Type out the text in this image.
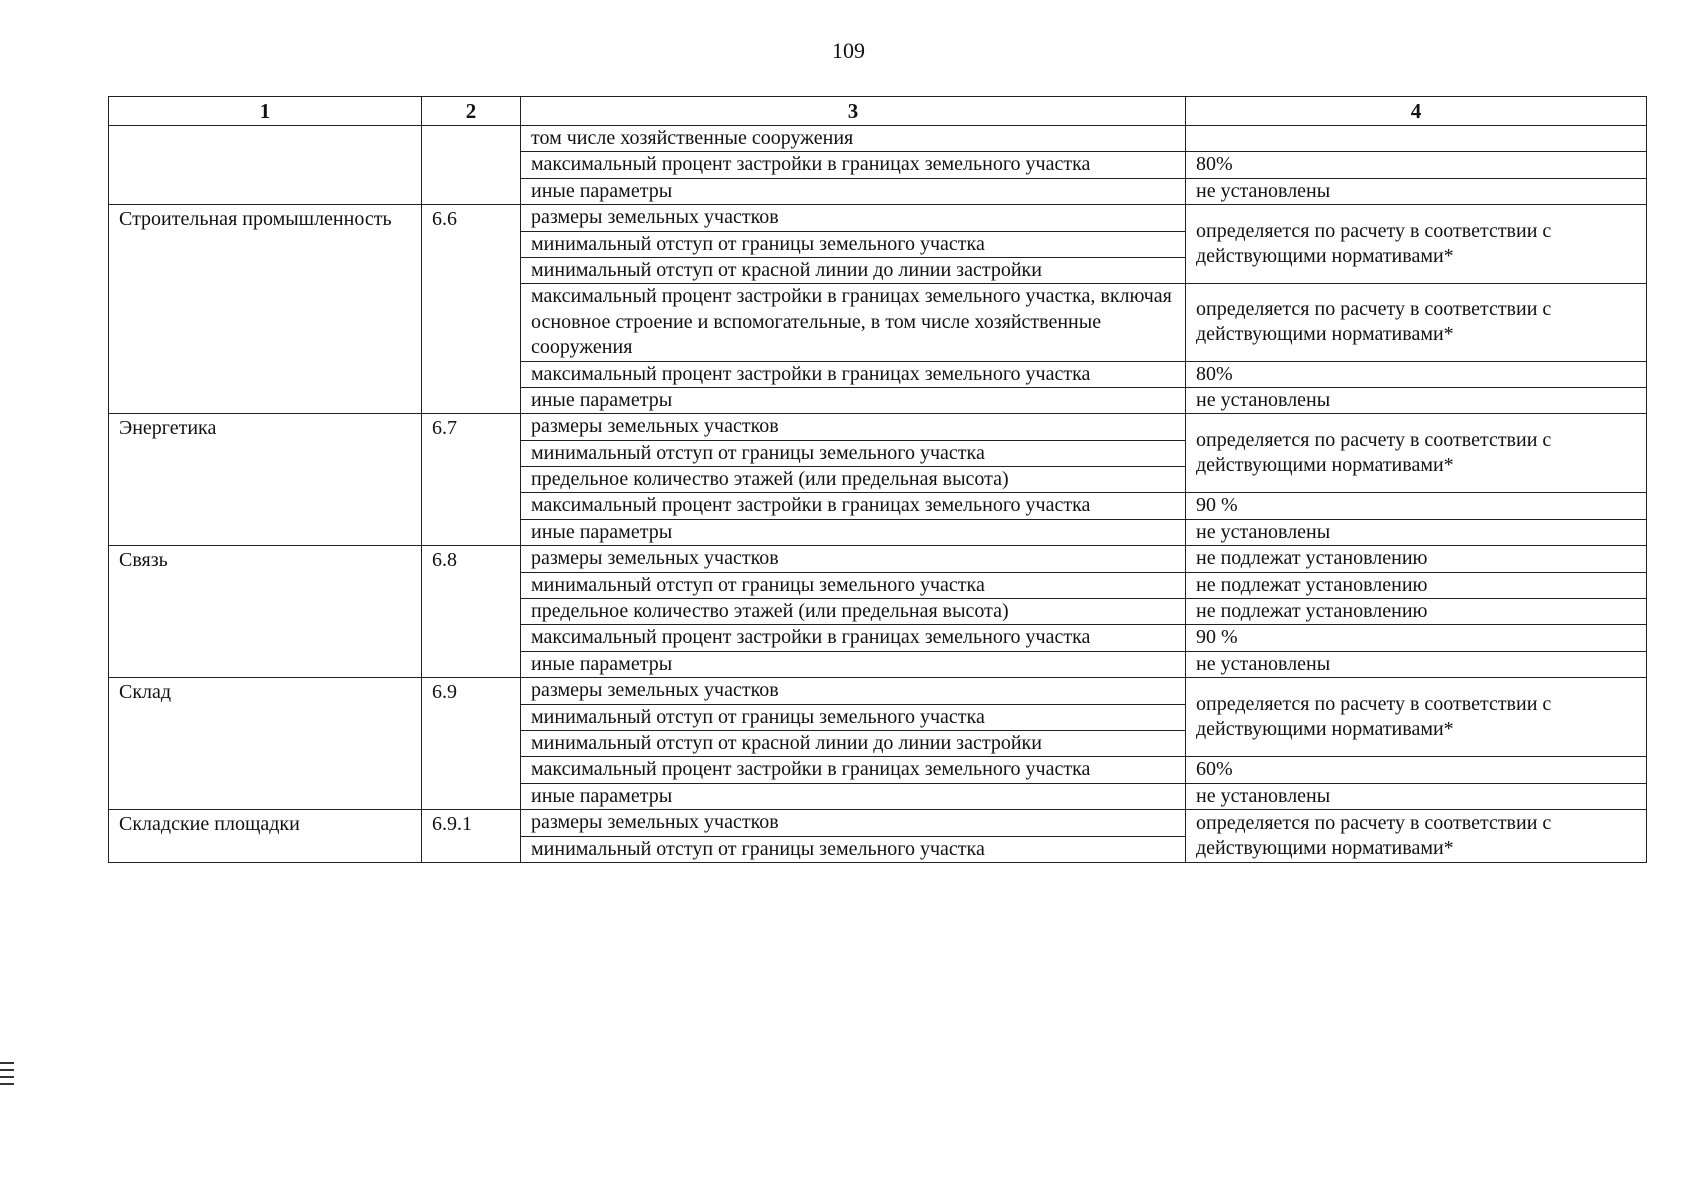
109
1	2	3	4
		том числе хозяйственные сооружения	
		максимальный процент застройки в границах земельного участка	80%
		иные параметры	не установлены
Строительная промышленность	6.6	размеры земельных участков	определяется по расчету в соответствии с действующими нормативами*
		минимальный отступ от границы земельного участка	
		минимальный отступ от красной линии до линии застройки	
		максимальный процент застройки в границах земельного участка, включая основное строение и вспомогательные, в том числе хозяйственные сооружения	определяется по расчету в соответствии с действующими нормативами*
		максимальный процент застройки в границах земельного участка	80%
		иные параметры	не установлены
Энергетика	6.7	размеры земельных участков	определяется по расчету в соответствии с действующими нормативами*
		минимальный отступ от границы земельного участка	
		предельное количество этажей (или предельная высота)	
		максимальный процент застройки в границах земельного участка	90 %
		иные параметры	не установлены
Связь	6.8	размеры земельных участков	не подлежат установлению
		минимальный отступ от границы земельного участка	не подлежат установлению
		предельное количество этажей (или предельная высота)	не подлежат установлению
		максимальный процент застройки в границах земельного участка	90 %
		иные параметры	не установлены
Склад	6.9	размеры земельных участков	определяется по расчету в соответствии с действующими нормативами*
		минимальный отступ от границы земельного участка	
		минимальный отступ от красной линии до линии застройки	
		максимальный процент застройки в границах земельного участка	60%
		иные параметры	не установлены
Складские площадки	6.9.1	размеры земельных участков	определяется по расчету в соответствии с действующими нормативами*
		минимальный отступ от границы земельного участка	
